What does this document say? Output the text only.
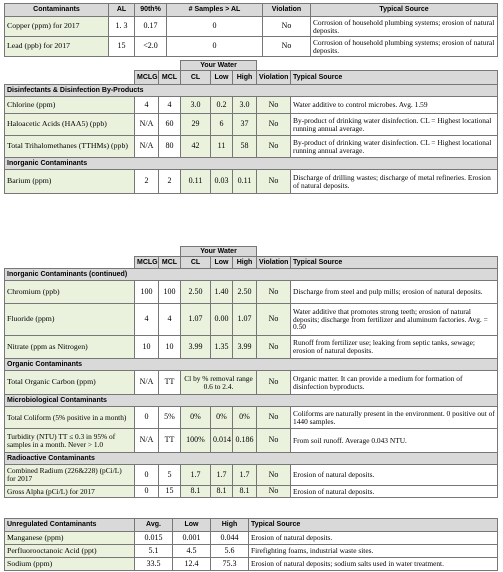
Contaminants	AL	90th%	# Samples > AL	Violation	Typical Source
Copper (ppm) for 2017	1. 3	0.17	0	No	Corrosion of household plumbing systems; erosion of natural deposits.
Lead (ppb) for 2017	15	<2.0	0	No	Corrosion of household plumbing systems; erosion of natural deposits.
			Your Water				
	MCLG	MCL	CL	Low	High	Violation	Typical Source
Disinfectants & Disinfection By-Products							
Chlorine (ppm)	4	4	3.0	0.2	3.0	No	Water additive to control microbes. Avg. 1.59
Haloacetic Acids (HAA5) (ppb)	N/A	60	29	6	37	No	By-product of drinking water disinfection. CL = Highest locational running annual average.
Total Trihalomethanes (TTHMs) (ppb)	N/A	80	42	11	58	No	By-product of drinking water disinfection. CL = Highest locational running annual average.
Inorganic Contaminants							
Barium (ppm)	2	2	0.11	0.03	0.11	No	Discharge of drilling wastes; discharge of metal refineries. Erosion of natural deposits.
			Your Water				
	MCLG	MCL	CL	Low	High	Violation	Typical Source
Inorganic Contaminants (continued)							
Chromium (ppb)	100	100	2.50	1.40	2.50	No	Discharge from steel and pulp mills; erosion of natural deposits.
Fluoride (ppm)	4	4	1.07	0.00	1.07	No	Water additive that promotes strong teeth; erosion of natural deposits; discharge from fertilizer and aluminum factories. Avg. = 0.50
Nitrate (ppm as Nitrogen)	10	10	3.99	1.35	3.99	No	Runoff from fertilizer use; leaking from septic tanks, sewage; erosion of natural deposits.
Organic Contaminants							
Total Organic Carbon (ppm)	N/A	TT	Cl by % removal range 0.6 to 2.4.			No	Organic matter. It can provide a medium for formation of disinfection byproducts.
Microbiological Contaminants							
Total Coliform (5% positive in a month)	0	5%	0%	0%	0%	No	Coliforms are naturally present in the environment. 0 positive out of 1440 samples.
Turbidity (NTU) TT ≤ 0.3 in 95% of samples in a month. Never > 1.0	N/A	TT	100%	0.014	0.186	No	From soil runoff. Average 0.043 NTU.
Radioactive Contaminants							
Combined Radium (226&228) (pCi/L) for 2017	0	5	1.7	1.7	1.7	No	Erosion of natural deposits.
Gross Alpha (pCi/L) for 2017	0	15	8.1	8.1	8.1	No	Erosion of natural deposits.
Unregulated Contaminants	Avg.	Low	High	Typical Source
Manganese (ppm)	0.015	0.001	0.044	Erosion of natural deposits.
Perfluorooctanoic Acid (ppt)	5.1	4.5	5.6	Firefighting foams, industrial waste sites.
Sodium (ppm)	33.5	12.4	75.3	Erosion of natural deposits; sodium salts used in water treatment.
